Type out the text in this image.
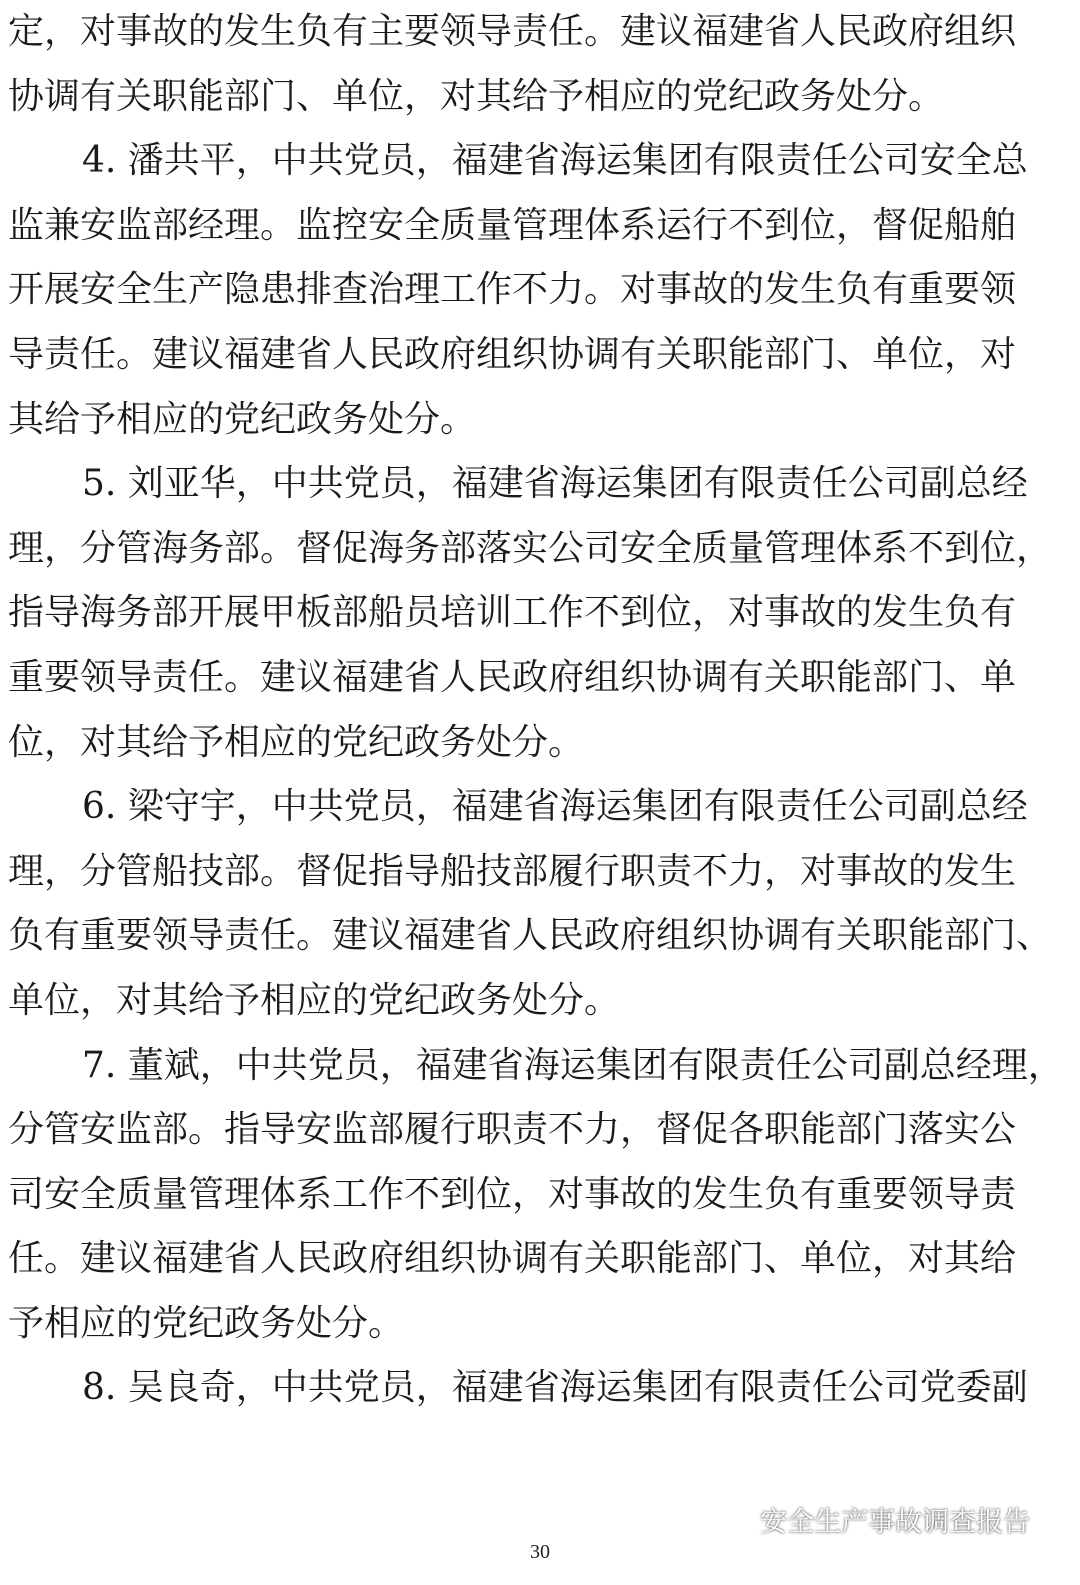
定，对事故的发生负有主要领导责任。建议福建省人民政府组织
协调有关职能部门、单位，对其给予相应的党纪政务处分。
4. 潘共平，中共党员，福建省海运集团有限责任公司安全总
监兼安监部经理。监控安全质量管理体系运行不到位，督促船舶
开展安全生产隐患排查治理工作不力。对事故的发生负有重要领
导责任。建议福建省人民政府组织协调有关职能部门、单位，对
其给予相应的党纪政务处分。
5. 刘亚华，中共党员，福建省海运集团有限责任公司副总经
理，分管海务部。督促海务部落实公司安全质量管理体系不到位，
指导海务部开展甲板部船员培训工作不到位，对事故的发生负有
重要领导责任。建议福建省人民政府组织协调有关职能部门、单
位，对其给予相应的党纪政务处分。
6. 梁守宇，中共党员，福建省海运集团有限责任公司副总经
理，分管船技部。督促指导船技部履行职责不力，对事故的发生
负有重要领导责任。建议福建省人民政府组织协调有关职能部门、
单位，对其给予相应的党纪政务处分。
7. 董斌，中共党员，福建省海运集团有限责任公司副总经理，
分管安监部。指导安监部履行职责不力，督促各职能部门落实公
司安全质量管理体系工作不到位，对事故的发生负有重要领导责
任。建议福建省人民政府组织协调有关职能部门、单位，对其给
予相应的党纪政务处分。
8. 吴良奇，中共党员，福建省海运集团有限责任公司党委副
安全生产事故调查报告
30
